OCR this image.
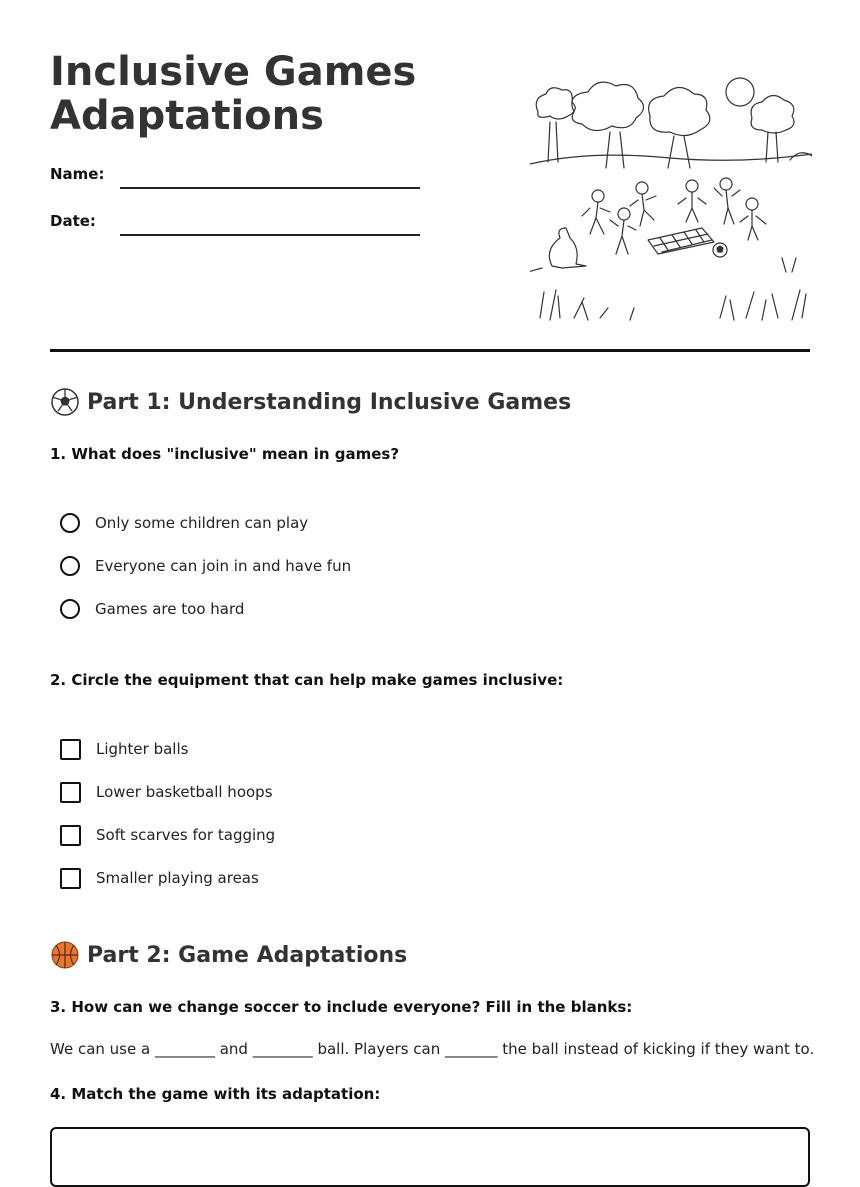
Inclusive Games Adaptations
Name:
Date:
Part 1: Understanding Inclusive Games
1. What does "inclusive" mean in games?
Only some children can play
Everyone can join in and have fun
Games are too hard
2. Circle the equipment that can help make games inclusive:
Lighter balls
Lower basketball hoops
Soft scarves for tagging
Smaller playing areas
Part 2: Game Adaptations
3. How can we change soccer to include everyone? Fill in the blanks:
We can use a ________ and ________ ball. Players can _______ the ball instead of kicking if they want to.
4. Match the game with its adaptation:
